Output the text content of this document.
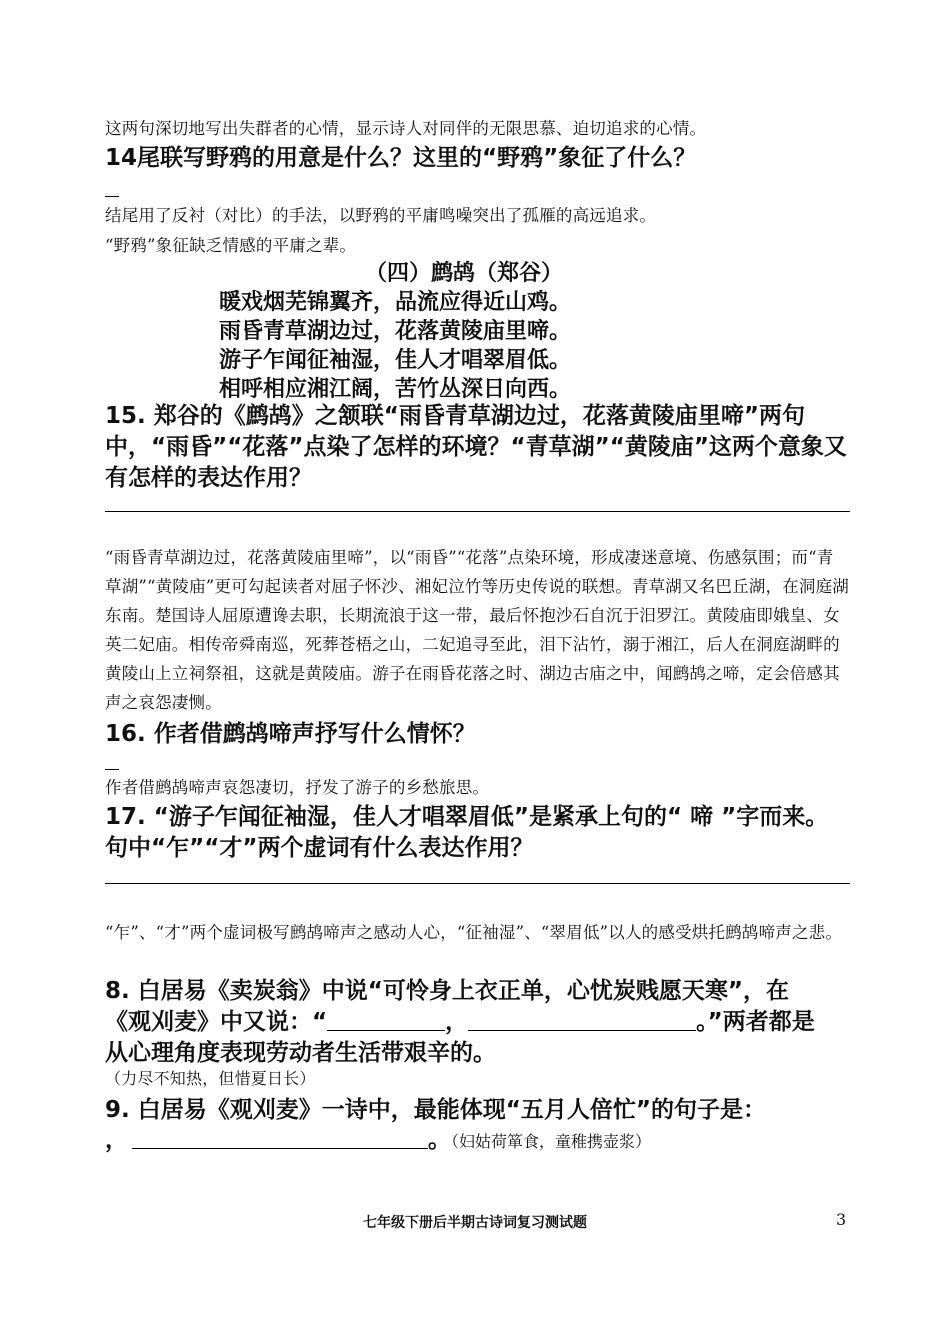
这两句深切地写出失群者的心情，显示诗人对同伴的无限思慕、迫切追求的心情。
14尾联写野鸦的用意是什么？这里的“野鸦”象征了什么？
结尾用了反衬（对比）的手法，以野鸦的平庸鸣噪突出了孤雁的高远追求。
“野鸦”象征缺乏情感的平庸之辈。
（四）鹧鸪（郑谷）
暖戏烟芜锦翼齐，品流应得近山鸡。
雨昏青草湖边过，花落黄陵庙里啼。
游子乍闻征袖湿，佳人才唱翠眉低。
相呼相应湘江阔，苦竹丛深日向西。
15. 郑谷的《鹧鸪》之颔联“雨昏青草湖边过，花落黄陵庙里啼”两句中，“雨昏”“花落”点染了怎样的环境？“青草湖”“黄陵庙”这两个意象又有怎样的表达作用？
“雨昏青草湖边过，花落黄陵庙里啼”，以“雨昏”“花落”点染环境，形成凄迷意境、伤感氛围；而“青草湖”“黄陵庙”更可勾起读者对屈子怀沙、湘妃泣竹等历史传说的联想。青草湖又名巴丘湖，在洞庭湖东南。楚国诗人屈原遭谗去职，长期流浪于这一带，最后怀抱沙石自沉于汨罗江。黄陵庙即娥皇、女英二妃庙。相传帝舜南巡，死葬苍梧之山，二妃追寻至此，泪下沾竹，溺于湘江，后人在洞庭湖畔的黄陵山上立祠祭祖，这就是黄陵庙。游子在雨昏花落之时、湖边古庙之中，闻鹧鸪之啼，定会倍感其声之哀怨凄恻。
16. 作者借鹧鸪啼声抒写什么情怀？
作者借鹧鸪啼声哀怨凄切，抒发了游子的乡愁旅思。
17. “游子乍闻征袖湿，佳人才唱翠眉低”是紧承上句的“ 啼 ”字而来。句中“乍”“才”两个虚词有什么表达作用？
“乍”、“才”两个虚词极写鹧鸪啼声之感动人心，“征袖湿”、“翠眉低”以人的感受烘托鹧鸪啼声之悲。
8. 白居易《卖炭翁》中说“可怜身上衣正单，心忧炭贱愿天寒”，在
《观刈麦》中又说：“	，	。”两者都是
从心理角度表现劳动者生活带艰辛的。
（力尽不知热，但惜夏日长）
9. 白居易《观刈麦》一诗中，最能体现“五月人倍忙”的句子是：
，	。（妇姑荷箪食，童稚携壶浆）
七年级下册后半期古诗词复习测试题	3
